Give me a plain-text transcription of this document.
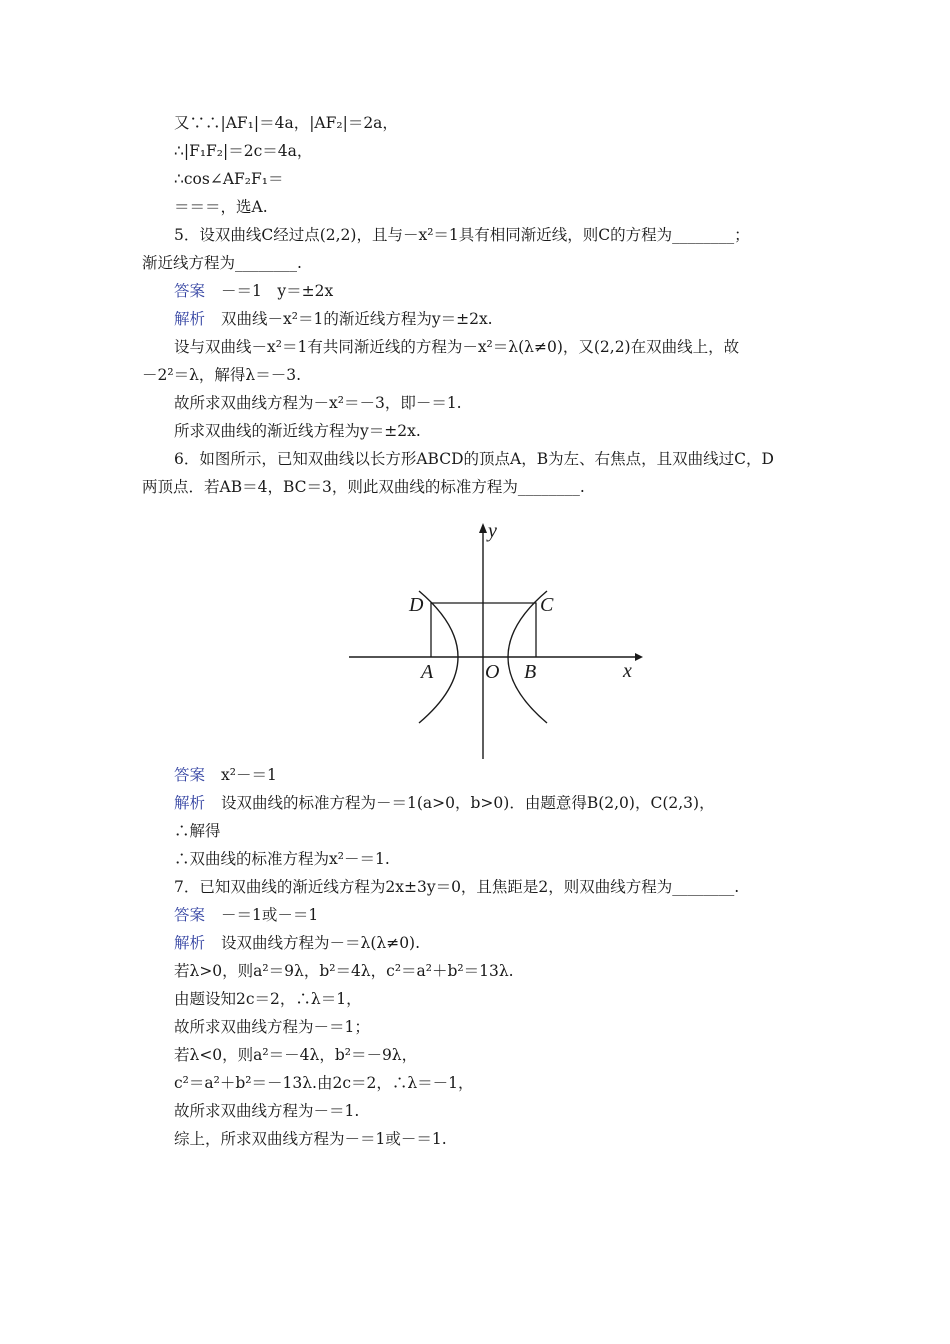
又∵∴|AF₁|＝4a，|AF₂|＝2a，
∴|F₁F₂|＝2c＝4a，
∴cos∠AF₂F₁＝
＝＝＝，选A.
5．设双曲线C经过点(2,2)，且与－x²＝1具有相同渐近线，则C的方程为________；
渐近线方程为________.
答案 －＝1　y＝±2x
解析 双曲线－x²＝1的渐近线方程为y＝±2x.
设与双曲线－x²＝1有共同渐近线的方程为－x²＝λ(λ≠0)，又(2,2)在双曲线上，故
－2²＝λ，解得λ＝－3.
故所求双曲线方程为－x²＝－3，即－＝1.
所求双曲线的渐近线方程为y＝±2x.
6．如图所示，已知双曲线以长方形ABCD的顶点A，B为左、右焦点，且双曲线过C，D
两顶点．若AB＝4，BC＝3，则此双曲线的标准方程为________.
答案 x²－＝1
解析 设双曲线的标准方程为－＝1(a>0，b>0)．由题意得B(2,0)，C(2,3)，
∴解得
∴双曲线的标准方程为x²－＝1.
7．已知双曲线的渐近线方程为2x±3y＝0，且焦距是2，则双曲线方程为________.
答案 －＝1或－＝1
解析 设双曲线方程为－＝λ(λ≠0).
若λ>0，则a²＝9λ，b²＝4λ，c²＝a²＋b²＝13λ.
由题设知2c＝2，∴λ＝1，
故所求双曲线方程为－＝1；
若λ<0，则a²＝－4λ，b²＝－9λ，
c²＝a²＋b²＝－13λ.由2c＝2，∴λ＝－1，
故所求双曲线方程为－＝1.
综上，所求双曲线方程为－＝1或－＝1.
y
x
D	C
A	O B
